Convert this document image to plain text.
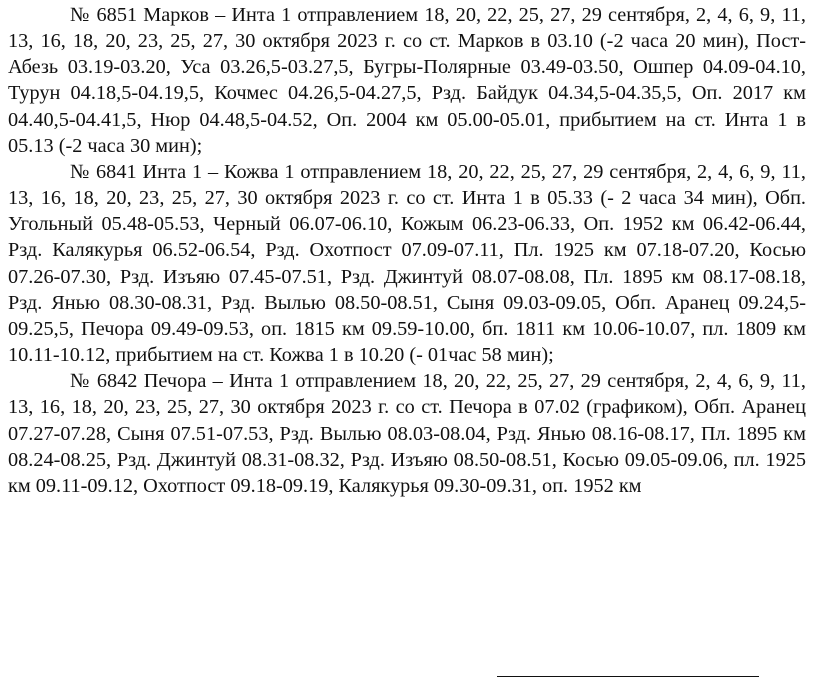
№ 6851 Марков – Инта 1 отправлением 18, 20, 22, 25, 27, 29 сентября, 2, 4, 6, 9, 11, 13, 16, 18, 20, 23, 25, 27, 30 октября 2023 г. со ст. Марков в 03.10 (-2 часа 20 мин), Пост-Абезь 03.19-03.20, Уса 03.26,5-03.27,5, Бугры-Полярные 03.49-03.50, Ошпер 04.09-04.10, Турун 04.18,5-04.19,5, Кочмес 04.26,5-04.27,5, Рзд. Байдук 04.34,5-04.35,5, Оп. 2017 км 04.40,5-04.41,5, Нюр 04.48,5-04.52, Оп. 2004 км 05.00-05.01, прибытием на ст. Инта 1 в 05.13 (-2 часа 30 мин);

№ 6841 Инта 1 – Кожва 1 отправлением 18, 20, 22, 25, 27, 29 сентября, 2, 4, 6, 9, 11, 13, 16, 18, 20, 23, 25, 27, 30 октября 2023 г. со ст. Инта 1 в 05.33 (- 2 часа 34 мин), Обп. Угольный 05.48-05.53, Черный 06.07-06.10, Кожым 06.23-06.33, Оп. 1952 км 06.42-06.44, Рзд. Калякурья 06.52-06.54, Рзд. Охотпост 07.09-07.11, Пл. 1925 км 07.18-07.20, Косью 07.26-07.30, Рзд. Изъяю 07.45-07.51, Рзд. Джинтуй 08.07-08.08, Пл. 1895 км 08.17-08.18, Рзд. Янью 08.30-08.31, Рзд. Вылью 08.50-08.51, Сыня 09.03-09.05, Обп. Аранец 09.24,5-09.25,5, Печора 09.49-09.53, оп. 1815 км 09.59-10.00, бп. 1811 км 10.06-10.07, пл. 1809 км 10.11-10.12, прибытием на ст. Кожва 1 в 10.20 (- 01час 58 мин);

№ 6842 Печора – Инта 1 отправлением 18, 20, 22, 25, 27, 29 сентября, 2, 4, 6, 9, 11, 13, 16, 18, 20, 23, 25, 27, 30 октября 2023 г. со ст. Печора в 07.02 (графиком), Обп. Аранец 07.27-07.28, Сыня 07.51-07.53, Рзд. Вылью 08.03-08.04, Рзд. Янью 08.16-08.17, Пл. 1895 км 08.24-08.25, Рзд. Джинтуй 08.31-08.32, Рзд. Изъяю 08.50-08.51, Косью 09.05-09.06, пл. 1925 км 09.11-09.12, Охотпост 09.18-09.19, Калякурья 09.30-09.31, оп. 1952 км
